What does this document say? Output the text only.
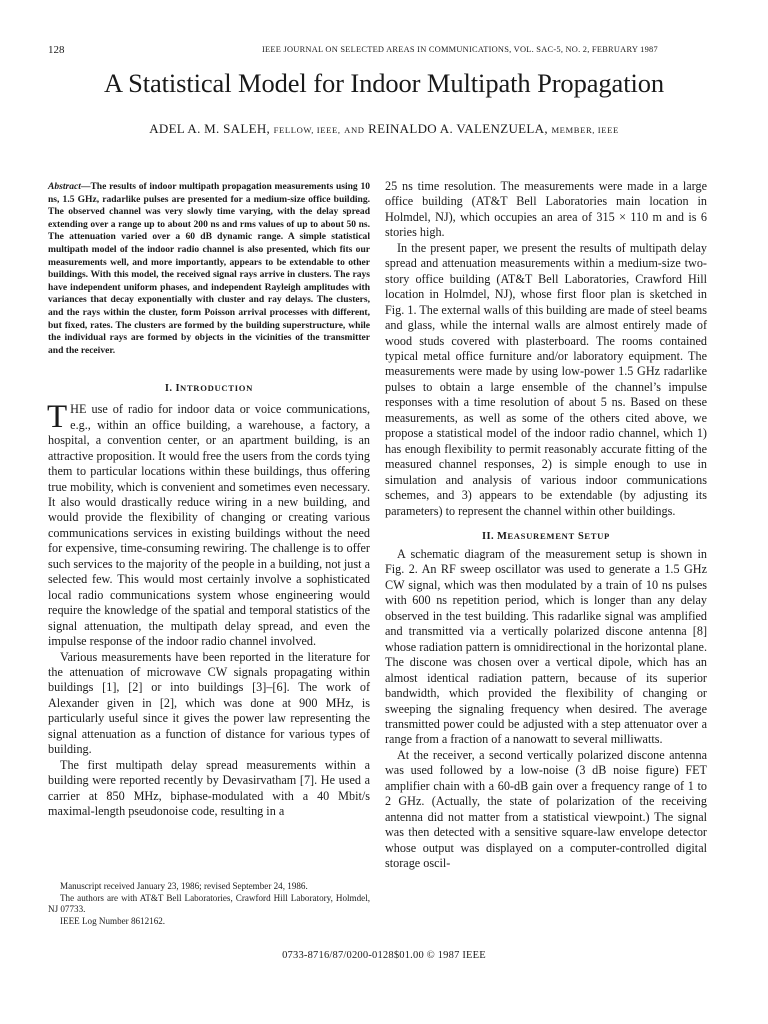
128	IEEE JOURNAL ON SELECTED AREAS IN COMMUNICATIONS, VOL. SAC-5, NO. 2, FEBRUARY 1987
A Statistical Model for Indoor Multipath Propagation
ADEL A. M. SALEH, FELLOW, IEEE, AND REINALDO A. VALENZUELA, MEMBER, IEEE

Abstract—The results of indoor multipath propagation measurements using 10 ns, 1.5 GHz, radarlike pulses are presented for a medium-size office building. The observed channel was very slowly time varying, with the delay spread extending over a range up to about 200 ns and rms values of up to about 50 ns. The attenuation varied over a 60 dB dynamic range. A simple statistical multipath model of the indoor radio channel is also presented, which fits our measurements well, and more importantly, appears to be extendable to other buildings. With this model, the received signal rays arrive in clusters. The rays have independent uniform phases, and independent Rayleigh amplitudes with variances that decay exponentially with cluster and ray delays. The clusters, and the rays within the cluster, form Poisson arrival processes with different, but fixed, rates. The clusters are formed by the building superstructure, while the individual rays are formed by objects in the vicinities of the transmitter and the receiver.

I. INTRODUCTION

THE use of radio for indoor data or voice communications, e.g., within an office building, a warehouse, a factory, a hospital, a convention center, or an apartment building, is an attractive proposition. It would free the users from the cords tying them to particular locations within these buildings, thus offering true mobility, which is convenient and sometimes even necessary. It also would drastically reduce wiring in a new building, and would provide the flexibility of changing or creating various communications services in existing buildings without the need for expensive, time-consuming rewiring. The challenge is to offer such services to the majority of the people in a building, not just a selected few. This would most certainly involve a sophisticated local radio communications system whose engineering would require the knowledge of the spatial and temporal statistics of the signal attenuation, the multipath delay spread, and even the impulse response of the indoor radio channel involved.

Various measurements have been reported in the literature for the attenuation of microwave CW signals propagating within buildings [1], [2] or into buildings [3]–[6]. The work of Alexander given in [2], which was done at 900 MHz, is particularly useful since it gives the power law representing the signal attenuation as a function of distance for various types of building.

The first multipath delay spread measurements within a building were reported recently by Devasirvatham [7]. He used a carrier at 850 MHz, biphase-modulated with a 40 Mbit/s maximal-length pseudonoise code, resulting in a

Manuscript received January 23, 1986; revised September 24, 1986.

The authors are with AT&T Bell Laboratories, Crawford Hill Laboratory, Holmdel, NJ 07733.

IEEE Log Number 8612162.

25 ns time resolution. The measurements were made in a large office building (AT&T Bell Laboratories main location in Holmdel, NJ), which occupies an area of 315 × 110 m and is 6 stories high.

In the present paper, we present the results of multipath delay spread and attenuation measurements within a medium-size two-story office building (AT&T Bell Laboratories, Crawford Hill location in Holmdel, NJ), whose first floor plan is sketched in Fig. 1. The external walls of this building are made of steel beams and glass, while the internal walls are almost entirely made of wood studs covered with plasterboard. The rooms contained typical metal office furniture and/or laboratory equipment. The measurements were made by using low-power 1.5 GHz radarlike pulses to obtain a large ensemble of the channel’s impulse responses with a time resolution of about 5 ns. Based on these measurements, as well as some of the others cited above, we propose a statistical model of the indoor radio channel, which 1) has enough flexibility to permit reasonably accurate fitting of the measured channel responses, 2) is simple enough to use in simulation and analysis of various indoor communications schemes, and 3) appears to be extendable (by adjusting its parameters) to represent the channel within other buildings.

II. MEASUREMENT SETUP

A schematic diagram of the measurement setup is shown in Fig. 2. An RF sweep oscillator was used to generate a 1.5 GHz CW signal, which was then modulated by a train of 10 ns pulses with 600 ns repetition period, which is longer than any delay observed in the test building. This radarlike signal was amplified and transmitted via a vertically polarized discone antenna [8] whose radiation pattern is omnidirectional in the horizontal plane. The discone was chosen over a vertical dipole, which has an almost identical radiation pattern, because of its superior bandwidth, which provided the flexibility of changing or sweeping the signaling frequency when desired. The average transmitted power could be adjusted with a step attenuator over a range from a fraction of a nanowatt to several milliwatts.

At the receiver, a second vertically polarized discone antenna was used followed by a low-noise (3 dB noise figure) FET amplifier chain with a 60-dB gain over a frequency range of 1 to 2 GHz. (Actually, the state of polarization of the receiving antenna did not matter from a statistical viewpoint.) The signal was then detected with a sensitive square-law envelope detector whose output was displayed on a computer-controlled digital storage oscil-

0733-8716/87/0200-0128$01.00 © 1987 IEEE
